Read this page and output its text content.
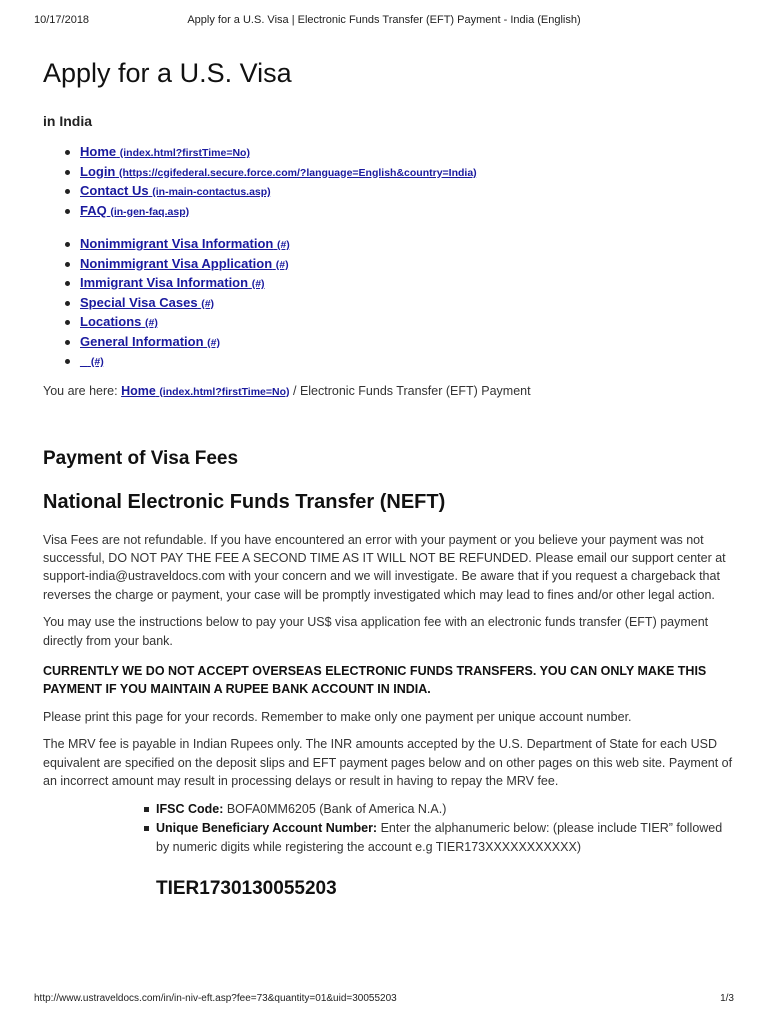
10/17/2018	Apply for a U.S. Visa | Electronic Funds Transfer (EFT) Payment - India (English)
Apply for a U.S. Visa
in India
Home (index.html?firstTime=No)
Login (https://cgifederal.secure.force.com/?language=English&country=India)
Contact Us (in-main-contactus.asp)
FAQ (in-gen-faq.asp)
Nonimmigrant Visa Information (#)
Nonimmigrant Visa Application (#)
Immigrant Visa Information (#)
Special Visa Cases (#)
Locations (#)
General Information (#)
_ (#)
You are here: Home (index.html?firstTime=No) / Electronic Funds Transfer (EFT) Payment
Payment of Visa Fees
National Electronic Funds Transfer (NEFT)

Visa Fees are not refundable. If you have encountered an error with your payment or you believe your payment was not successful, DO NOT PAY THE FEE A SECOND TIME AS IT WILL NOT BE REFUNDED. Please email our support center at support-india@ustraveldocs.com with your concern and we will investigate. Be aware that if you request a chargeback that reverses the charge or payment, your case will be promptly investigated which may lead to fines and/or other legal action.

You may use the instructions below to pay your US$ visa application fee with an electronic funds transfer (EFT) payment directly from your bank.

CURRENTLY WE DO NOT ACCEPT OVERSEAS ELECTRONIC FUNDS TRANSFERS. YOU CAN ONLY MAKE THIS PAYMENT IF YOU MAINTAIN A RUPEE BANK ACCOUNT IN INDIA.

Please print this page for your records. Remember to make only one payment per unique account number.

The MRV fee is payable in Indian Rupees only. The INR amounts accepted by the U.S. Department of State for each USD equivalent are specified on the deposit slips and EFT payment pages below and on other pages on this web site. Payment of an incorrect amount may result in processing delays or result in having to repay the MRV fee.

IFSC Code: BOFA0MM6205 (Bank of America N.A.)
Unique Beneficiary Account Number: Enter the alphanumeric below: (please include TIER” followed by numeric digits while registering the account e.g TIER173XXXXXXXXXXX)
TIER1730130055203
http://www.ustraveldocs.com/in/in-niv-eft.asp?fee=73&quantity=01&uid=30055203	1/3
